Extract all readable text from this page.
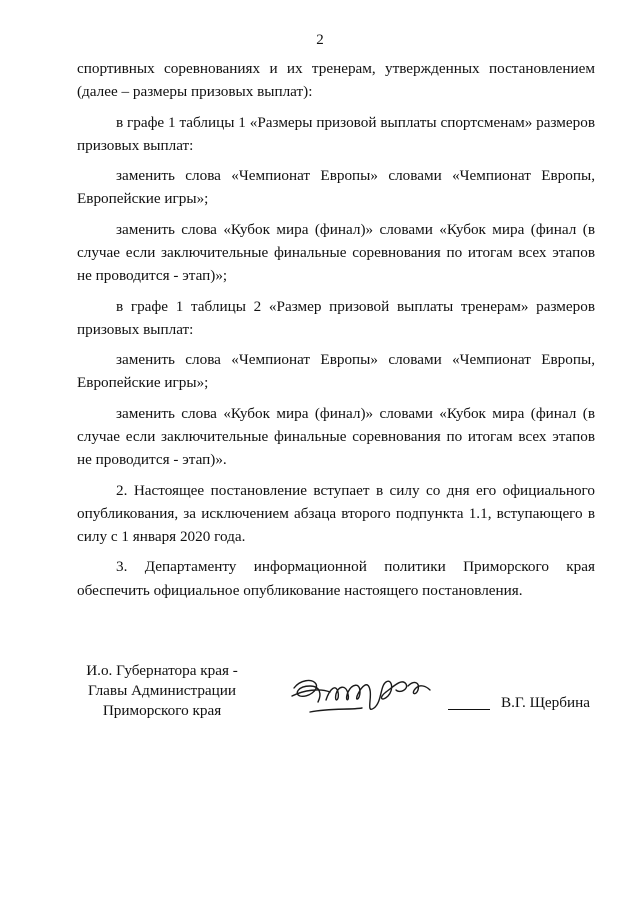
2

спортивных соревнованиях и их тренерам, утвержденных постановлением (далее – размеры призовых выплат):

в графе 1 таблицы 1 «Размеры призовой выплаты спортсменам» размеров призовых выплат:

заменить слова «Чемпионат Европы» словами «Чемпионат Европы, Европейские игры»;

заменить слова «Кубок мира (финал)» словами «Кубок мира (финал (в случае если заключительные финальные соревнования по итогам всех этапов не проводится - этап)»;

в графе 1 таблицы 2 «Размер призовой выплаты тренерам» размеров призовых выплат:

заменить слова «Чемпионат Европы» словами «Чемпионат Европы, Европейские игры»;

заменить слова «Кубок мира (финал)» словами «Кубок мира (финал (в случае если заключительные финальные соревнования по итогам всех этапов не проводится - этап)».

2. Настоящее постановление вступает в силу со дня его официального опубликования, за исключением абзаца второго подпункта 1.1, вступающего в силу с 1 января 2020 года.

3. Департаменту информационной политики Приморского края обеспечить официальное опубликование настоящего постановления.

И.о. Губернатора края -
Главы Администрации
Приморского края	В.Г. Щербина
